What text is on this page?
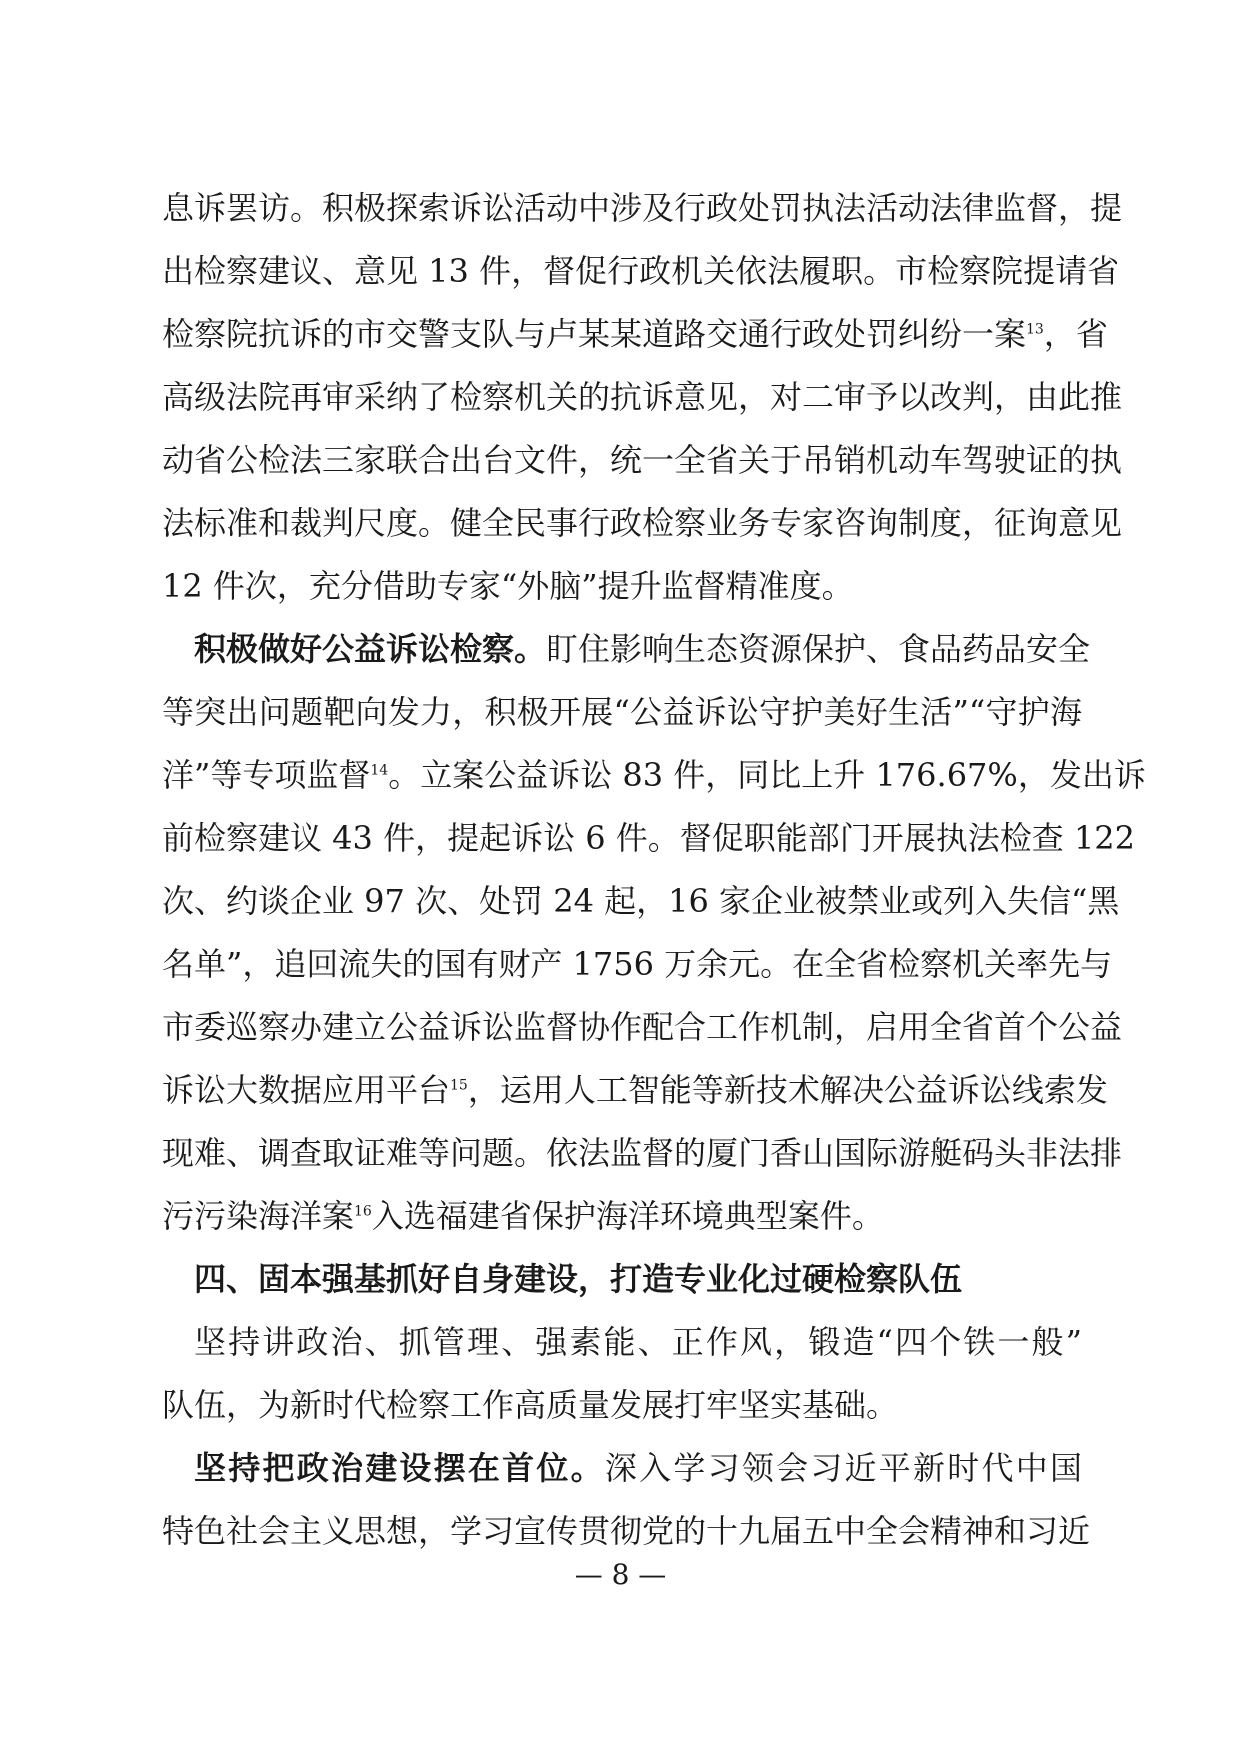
息诉罢访。积极探索诉讼活动中涉及行政处罚执法活动法律监督，提
出检察建议、意见 13 件，督促行政机关依法履职。市检察院提请省
检察院抗诉的市交警支队与卢某某道路交通行政处罚纠纷一案$^{13}$，省
高级法院再审采纳了检察机关的抗诉意见，对二审予以改判，由此推
动省公检法三家联合出台文件，统一全省关于吊销机动车驾驶证的执
法标准和裁判尺度。健全民事行政检察业务专家咨询制度，征询意见
12 件次，充分借助专家“外脑”提升监督精准度。
积极做好公益诉讼检察。盯住影响生态资源保护、食品药品安全
等突出问题靶向发力，积极开展“公益诉讼守护美好生活”“守护海
洋”等专项监督$^{14}$。立案公益诉讼 83 件，同比上升 176.67%，发出诉
前检察建议 43 件，提起诉讼 6 件。督促职能部门开展执法检查 122
次、约谈企业 97 次、处罚 24 起，16 家企业被禁业或列入失信“黑
名单”，追回流失的国有财产 1756 万余元。在全省检察机关率先与
市委巡察办建立公益诉讼监督协作配合工作机制，启用全省首个公益
诉讼大数据应用平台$^{15}$，运用人工智能等新技术解决公益诉讼线索发
现难、调查取证难等问题。依法监督的厦门香山国际游艇码头非法排
污污染海洋案$^{16}$入选福建省保护海洋环境典型案件。
四、固本强基抓好自身建设，打造专业化过硬检察队伍
坚持讲政治、抓管理、强素能、正作风，锻造“四个铁一般”
队伍，为新时代检察工作高质量发展打牢坚实基础。
坚持把政治建设摆在首位。深入学习领会习近平新时代中国
特色社会主义思想，学习宣传贯彻党的十九届五中全会精神和习近
— 8 —
